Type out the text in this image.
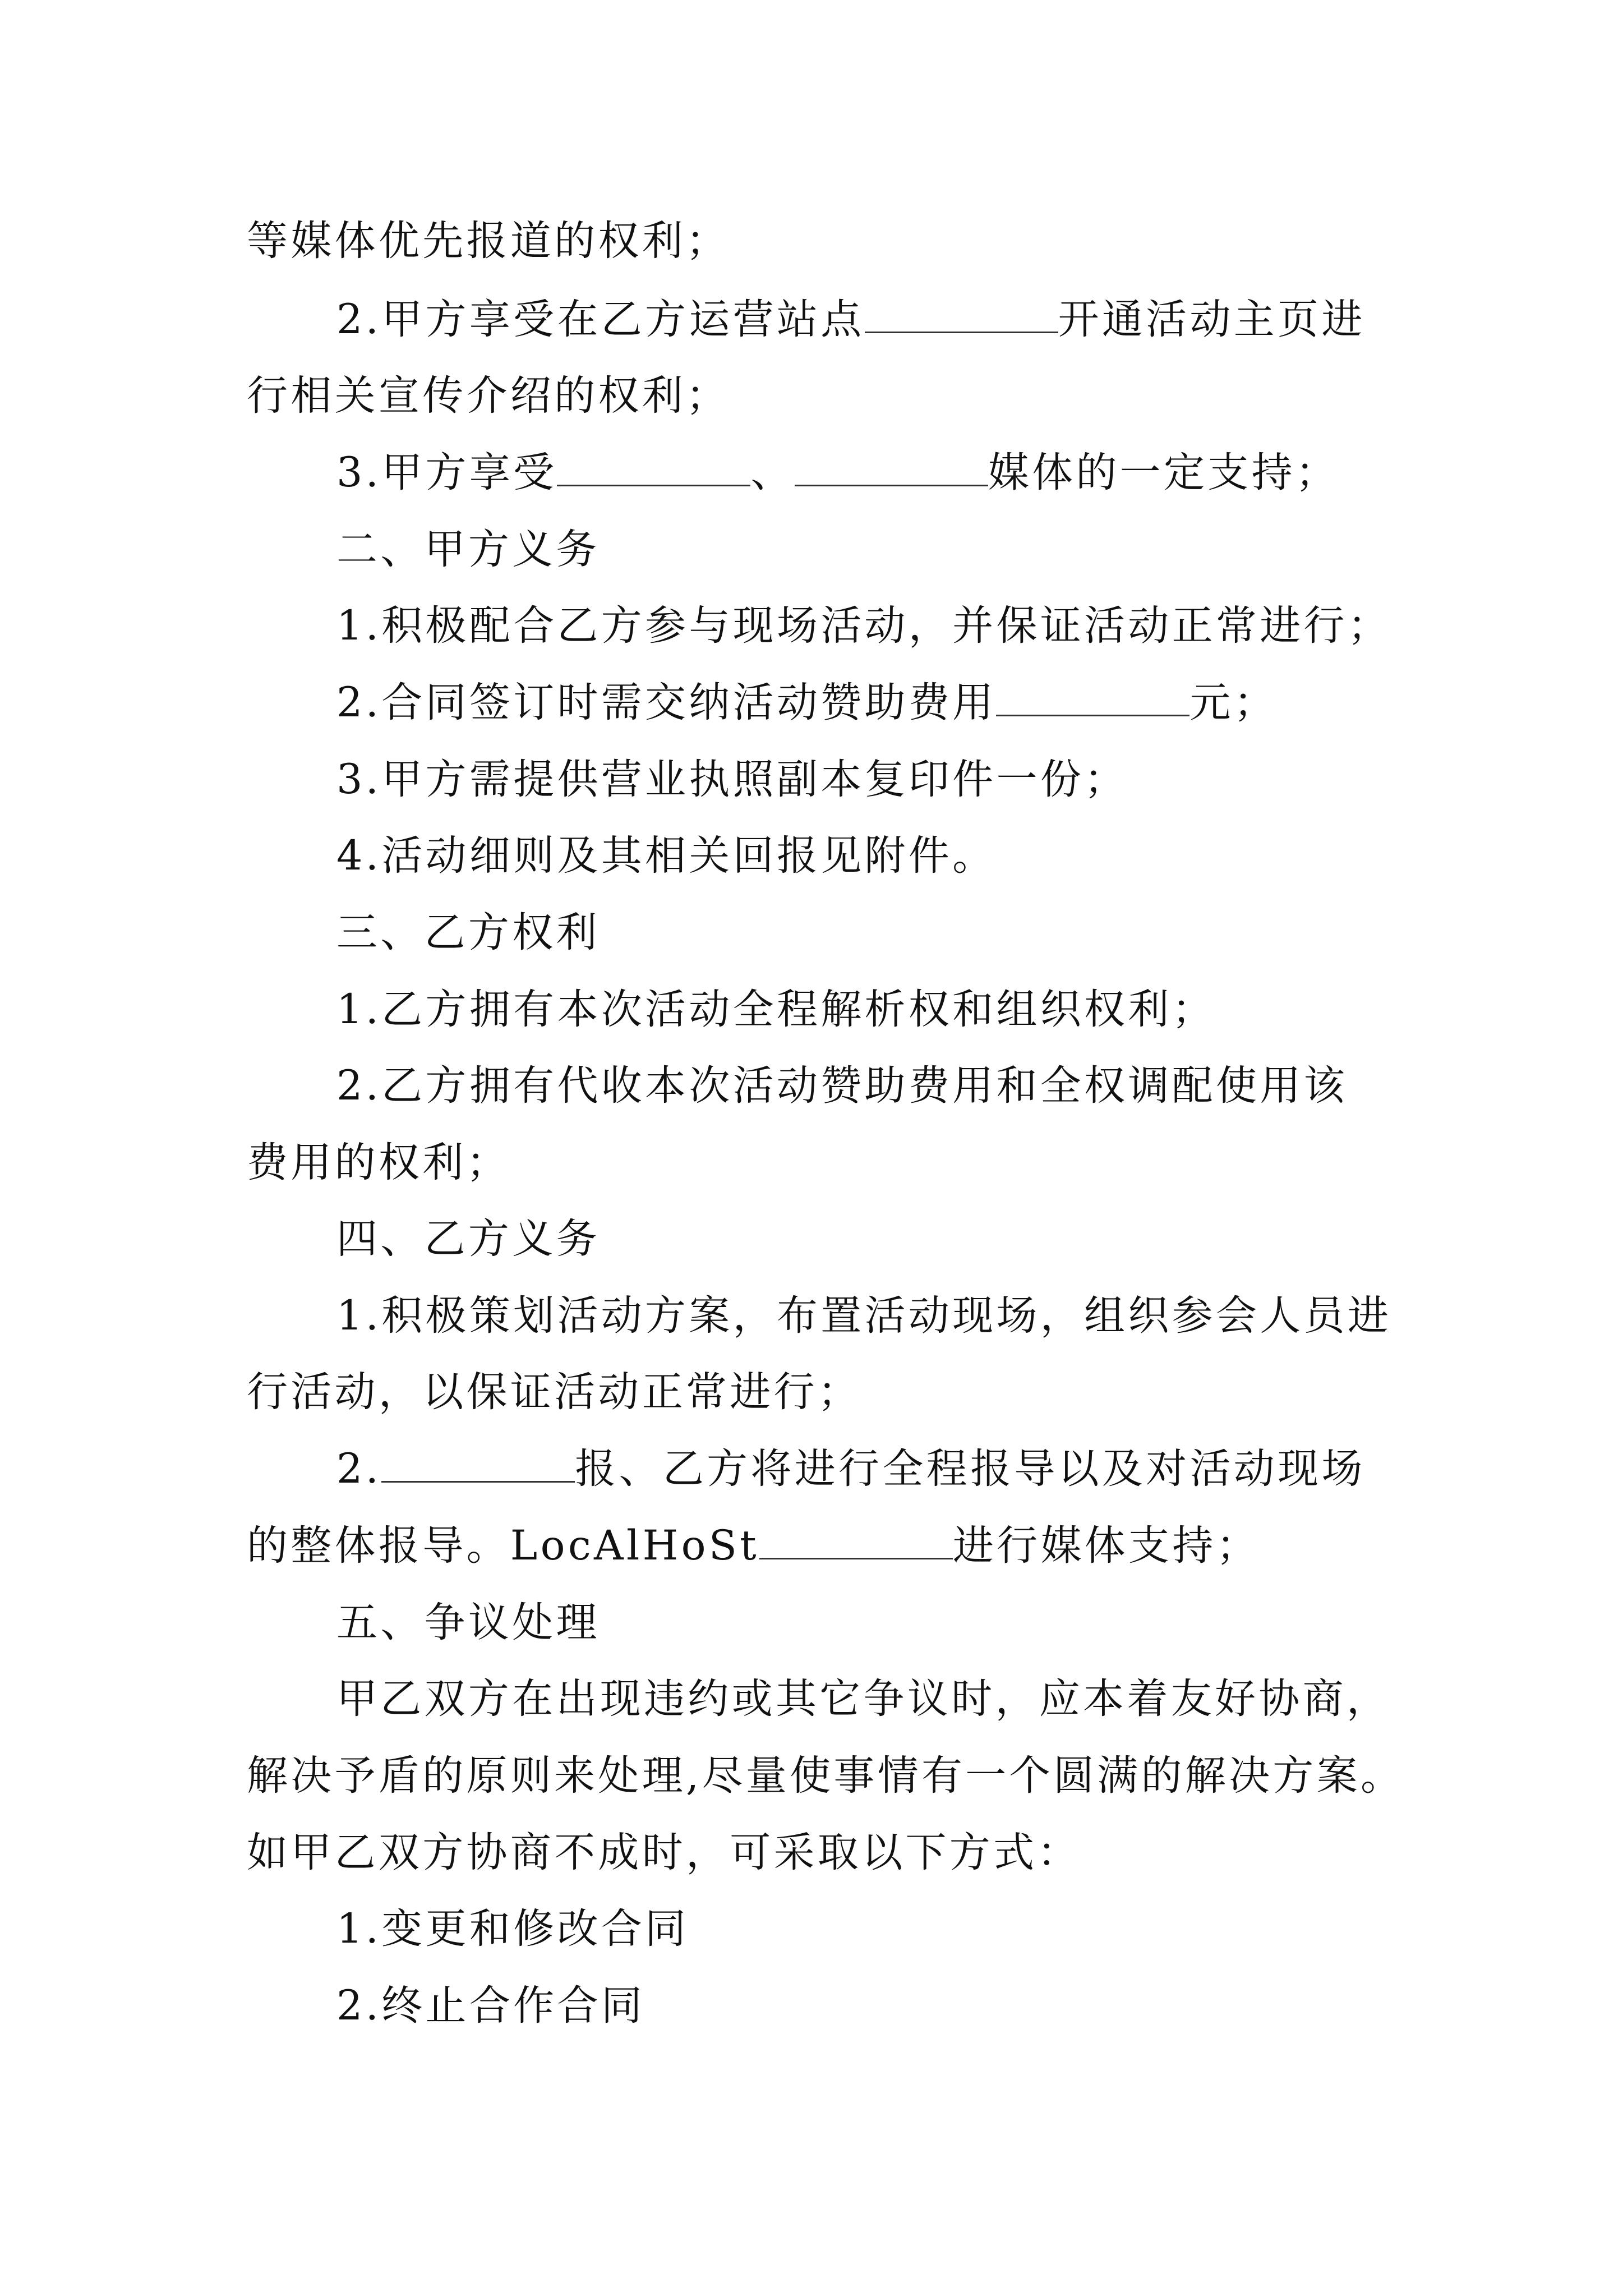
等媒体优先报道的权利；

2.甲方享受在乙方运营站点	开通活动主页进

行相关宣传介绍的权利；

3.甲方享受	、	媒体的一定支持；

二、甲方义务

1.积极配合乙方参与现场活动，并保证活动正常进行；

2.合同签订时需交纳活动赞助费用	元；

3.甲方需提供营业执照副本复印件一份；

4.活动细则及其相关回报见附件。

三、乙方权利

1.乙方拥有本次活动全程解析权和组织权利；

2.乙方拥有代收本次活动赞助费用和全权调配使用该

费用的权利；

四、乙方义务

1.积极策划活动方案，布置活动现场，组织参会人员进

行活动，以保证活动正常进行；

2.	报、乙方将进行全程报导以及对活动现场

的整体报导。LocAlHoSt	进行媒体支持；

五、争议处理

甲乙双方在出现违约或其它争议时，应本着友好协商，

解决予盾的原则来处理,尽量使事情有一个圆满的解决方案。

如甲乙双方协商不成时，可采取以下方式：

1.变更和修改合同

2.终止合作合同
